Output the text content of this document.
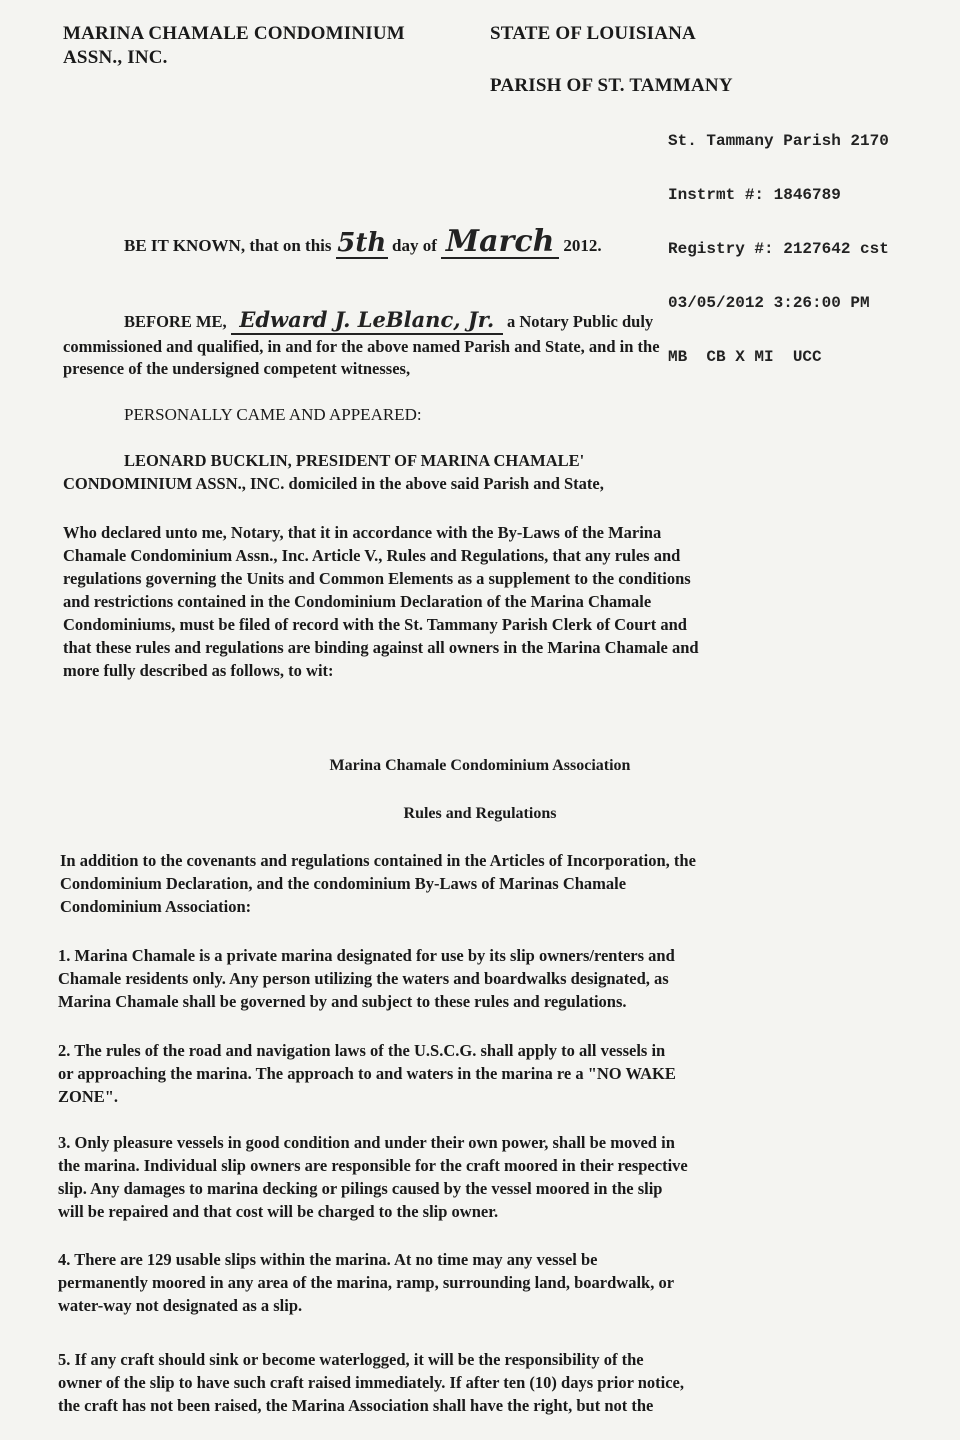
MARINA CHAMALE CONDOMINIUM
ASSN., INC.
STATE OF LOUISIANA
PARISH OF ST. TAMMANY

St. Tammany Parish 2170

Instrmt #: 1846789

Registry #: 2127642 cst

03/05/2012 3:26:00 PM

MB  CB X MI  UCC

BE IT KNOWN, that on this 5th day of March 2012.
BEFORE ME, Edward J. LeBlanc, Jr. a Notary Public duly
commissioned and qualified, in and for the above named Parish and State, and in the
presence of the undersigned competent witnesses,
PERSONALLY CAME AND APPEARED:
LEONARD BUCKLIN, PRESIDENT OF MARINA CHAMALE'
CONDOMINIUM ASSN., INC. domiciled in the above said Parish and State,
Who declared unto me, Notary, that it in accordance with the By-Laws of the Marina
Chamale Condominium Assn., Inc. Article V., Rules and Regulations, that any rules and
regulations governing the Units and Common Elements as a supplement to the conditions
and restrictions contained in the Condominium Declaration of the Marina Chamale
Condominiums, must be filed of record with the St. Tammany Parish Clerk of Court and
that these rules and regulations are binding against all owners in the Marina Chamale and
more fully described as follows, to wit:
Marina Chamale Condominium Association
Rules and Regulations
In addition to the covenants and regulations contained in the Articles of Incorporation, the
Condominium Declaration, and the condominium By-Laws of Marinas Chamale
Condominium Association:
1. Marina Chamale is a private marina designated for use by its slip owners/renters and
Chamale residents only. Any person utilizing the waters and boardwalks designated, as
Marina Chamale shall be governed by and subject to these rules and regulations.
2. The rules of the road and navigation laws of the U.S.C.G. shall apply to all vessels in
or approaching the marina. The approach to and waters in the marina re a "NO WAKE
ZONE".
3. Only pleasure vessels in good condition and under their own power, shall be moved in
the marina. Individual slip owners are responsible for the craft moored in their respective
slip. Any damages to marina decking or pilings caused by the vessel moored in the slip
will be repaired and that cost will be charged to the slip owner.
4. There are 129 usable slips within the marina. At no time may any vessel be
permanently moored in any area of the marina, ramp, surrounding land, boardwalk, or
water-way not designated as a slip.
5. If any craft should sink or become waterlogged, it will be the responsibility of the
owner of the slip to have such craft raised immediately. If after ten (10) days prior notice,
the craft has not been raised, the Marina Association shall have the right, but not the
